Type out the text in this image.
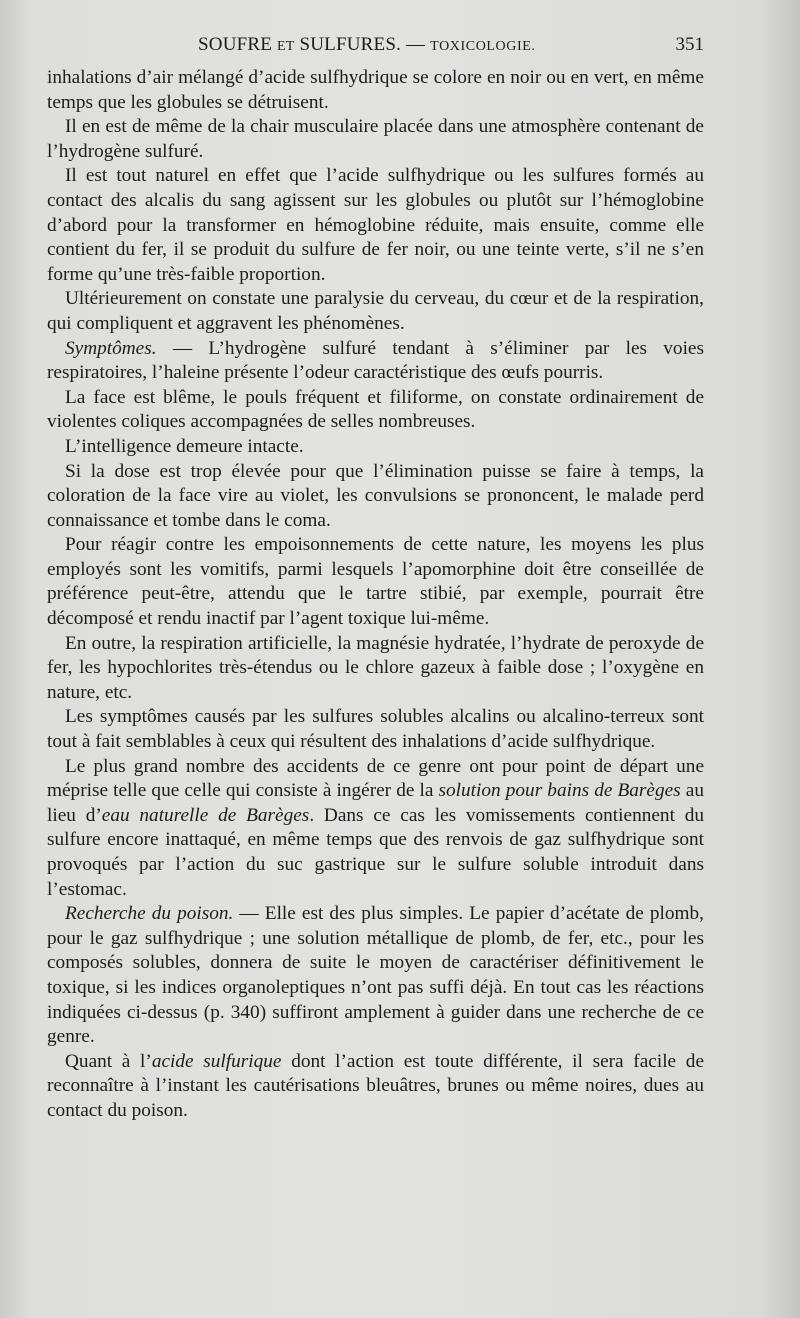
SOUFRE ET SULFURES. — TOXICOLOGIE.	351

inhalations d’air mélangé d’acide sulfhydrique se colore en noir ou en vert, en même temps que les globules se détruisent.

Il en est de même de la chair musculaire placée dans une atmosphère contenant de l’hydrogène sulfuré.

Il est tout naturel en effet que l’acide sulfhydrique ou les sulfures formés au contact des alcalis du sang agissent sur les globules ou plutôt sur l’hémoglobine d’abord pour la transformer en hémoglobine réduite, mais ensuite, comme elle contient du fer, il se produit du sulfure de fer noir, ou une teinte verte, s’il ne s’en forme qu’une très-faible proportion.

Ultérieurement on constate une paralysie du cerveau, du cœur et de la respiration, qui compliquent et aggravent les phénomènes.

Symptômes. — L’hydrogène sulfuré tendant à s’éliminer par les voies respiratoires, l’haleine présente l’odeur caractéristique des œufs pourris.

La face est blême, le pouls fréquent et filiforme, on constate ordinairement de violentes coliques accompagnées de selles nombreuses.

L’intelligence demeure intacte.

Si la dose est trop élevée pour que l’élimination puisse se faire à temps, la coloration de la face vire au violet, les convulsions se prononcent, le malade perd connaissance et tombe dans le coma.

Pour réagir contre les empoisonnements de cette nature, les moyens les plus employés sont les vomitifs, parmi lesquels l’apomorphine doit être conseillée de préférence peut-être, attendu que le tartre stibié, par exemple, pourrait être décomposé et rendu inactif par l’agent toxique lui-même.

En outre, la respiration artificielle, la magnésie hydratée, l’hydrate de peroxyde de fer, les hypochlorites très-étendus ou le chlore gazeux à faible dose ; l’oxygène en nature, etc.

Les symptômes causés par les sulfures solubles alcalins ou alcalino-terreux sont tout à fait semblables à ceux qui résultent des inhalations d’acide sulfhydrique.

Le plus grand nombre des accidents de ce genre ont pour point de départ une méprise telle que celle qui consiste à ingérer de la solution pour bains de Barèges au lieu d’eau naturelle de Barèges. Dans ce cas les vomissements contiennent du sulfure encore inattaqué, en même temps que des renvois de gaz sulfhydrique sont provoqués par l’action du suc gastrique sur le sulfure soluble introduit dans l’estomac.

Recherche du poison. — Elle est des plus simples. Le papier d’acétate de plomb, pour le gaz sulfhydrique ; une solution métallique de plomb, de fer, etc., pour les composés solubles, donnera de suite le moyen de caractériser définitivement le toxique, si les indices organoleptiques n’ont pas suffi déjà. En tout cas les réactions indiquées ci-dessus (p. 340) suffiront amplement à guider dans une recherche de ce genre.

Quant à l’acide sulfurique dont l’action est toute différente, il sera facile de reconnaître à l’instant les cautérisations bleuâtres, brunes ou même noires, dues au contact du poison.
